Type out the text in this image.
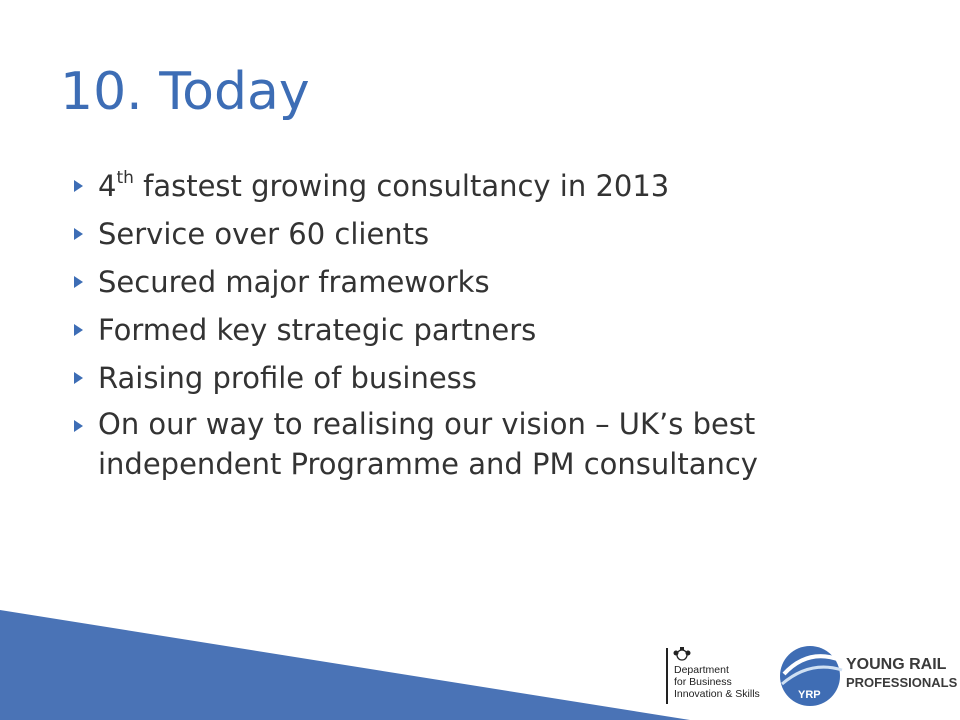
10. Today
4th fastest growing consultancy in 2013
Service over 60 clients
Secured major frameworks
Formed key strategic partners
Raising profile of business
On our way to realising our vision – UK’s best independent Programme and PM consultancy
Department
for Business
Innovation & Skills	YRP
YOUNG RAIL
PROFESSIONALS
